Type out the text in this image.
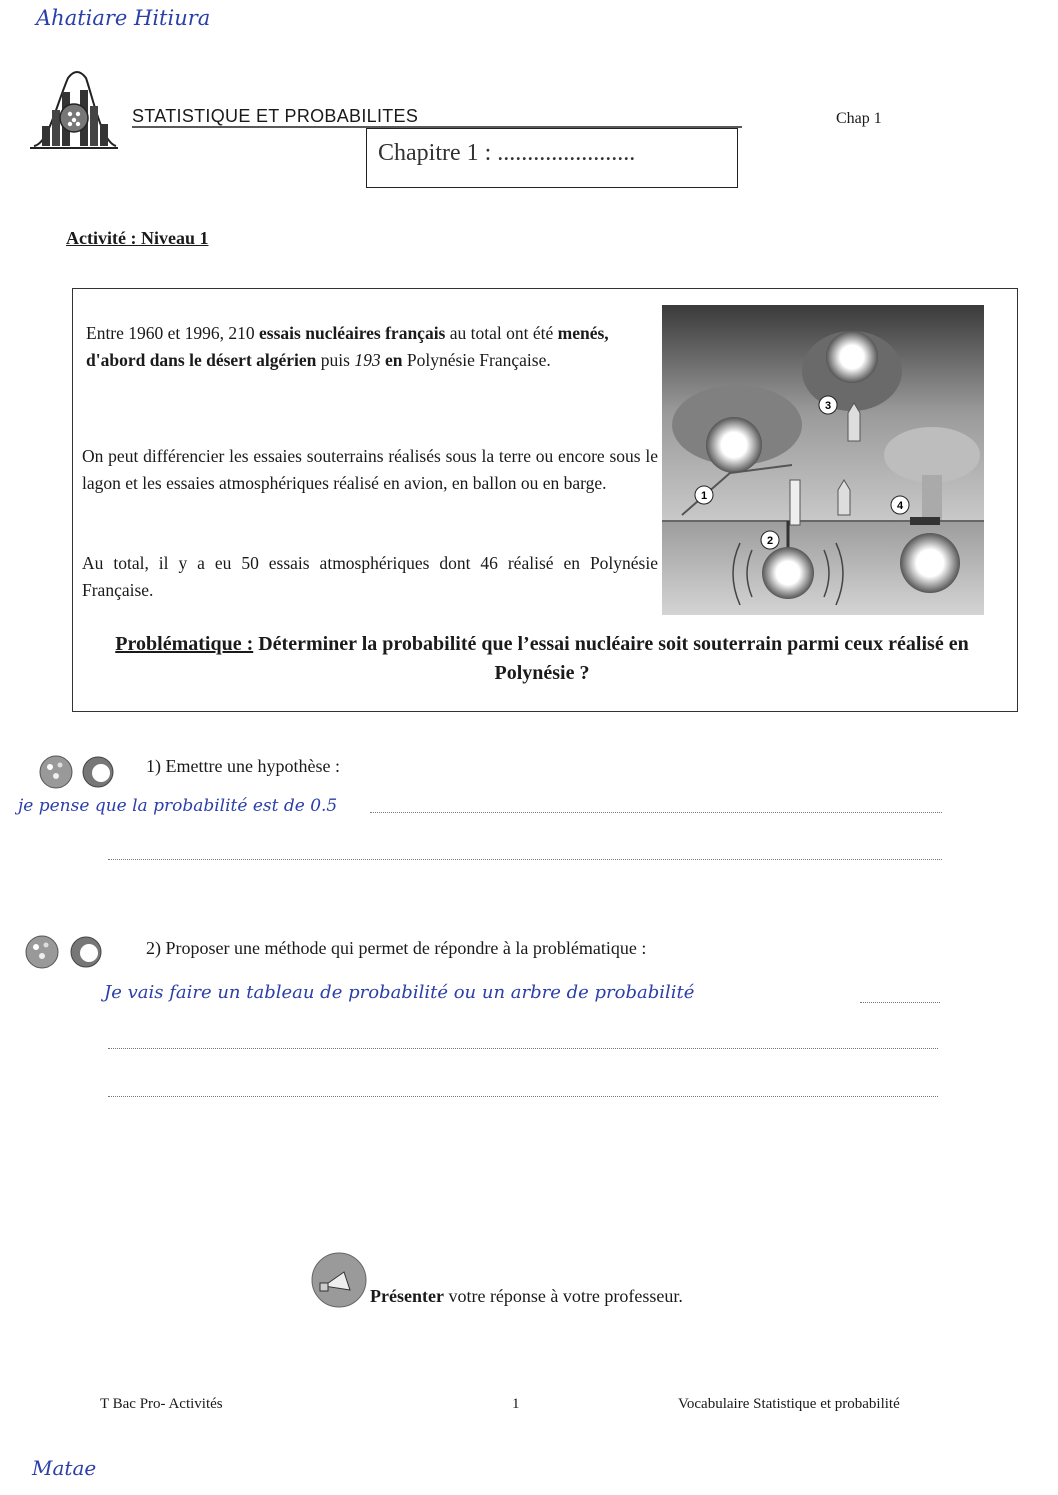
Ahatiare Hitiura
STATISTIQUE ET PROBABILITES	Chap 1
Chapitre 1 : .......................
Activité : Niveau 1
Entre 1960 et 1996, 210 essais nucléaires français au total ont été menés, d'abord dans le désert algérien puis 193 en Polynésie Française.
On peut différencier les essaies souterrains réalisés sous la terre ou encore sous le lagon et les essaies atmosphériques réalisé en avion, en ballon ou en barge.
Au total, il y a eu 50 essais atmosphériques dont 46 réalisé en Polynésie Française.
1
2
3
4
Problématique : Déterminer la probabilité que l’essai nucléaire soit souterrain parmi ceux réalisé en Polynésie ?
1) Emettre une hypothèse :
je pense que la probabilité est de 0.5
2) Proposer une méthode qui permet de répondre à la problématique :
Je vais faire un tableau de probabilité ou un arbre de probabilité
Présenter votre réponse à votre professeur.
T Bac Pro- Activités	1	Vocabulaire Statistique et probabilité
Matae
